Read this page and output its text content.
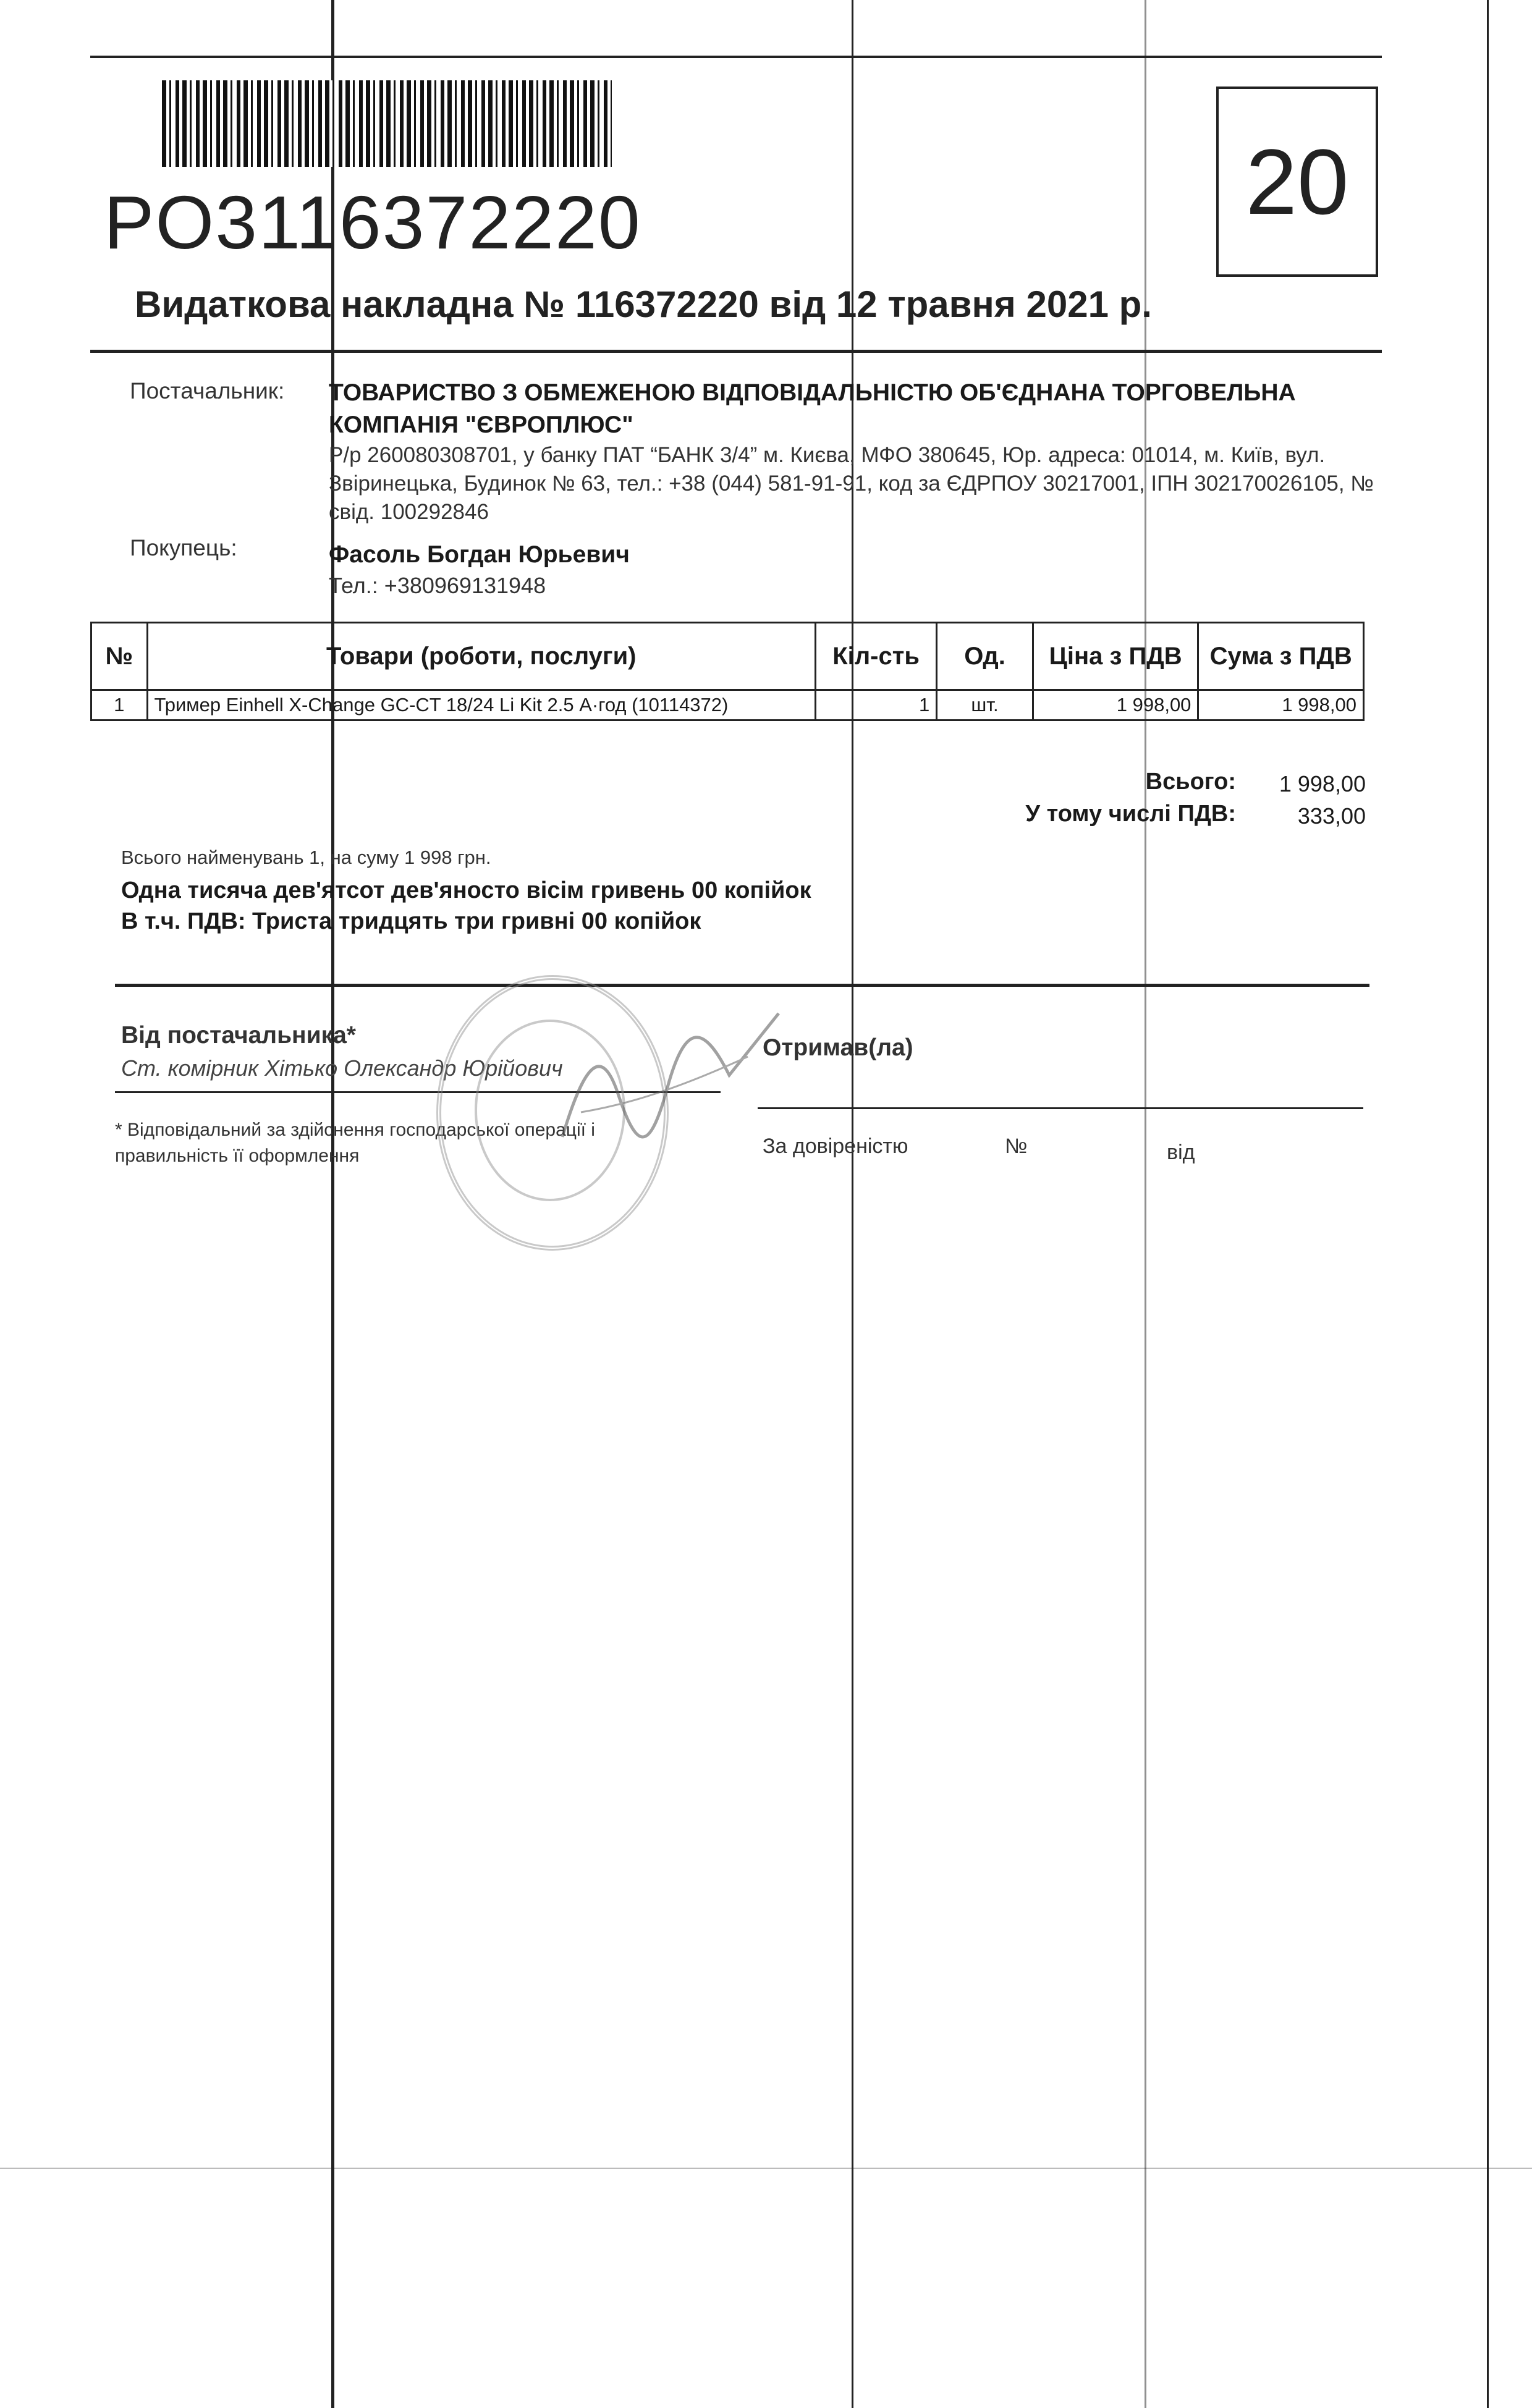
PO3116372220	20
Видаткова накладна № 116372220 від 12 травня 2021 р.
Постачальник: ТОВАРИСТВО З ОБМЕЖЕНОЮ ВІДПОВІДАЛЬНІСТЮ ОБ'ЄДНАНА ТОРГОВЕЛЬНА КОМПАНІЯ "ЄВРОПЛЮС"
Р/р 260080308701, у банку ПАТ “БАНК 3/4” м. Києва, МФО 380645, Юр. адреса: 01014, м. Київ, вул. Звіринецька, Будинок № 63, тел.: +38 (044) 581-91-91, код за ЄДРПОУ 30217001, ІПН 302170026105, № свід. 100292846
Покупець:	Фасоль Богдан Юрьевич
Тел.: +380969131948
№	Товари (роботи, послуги)	Кіл-сть	Од.	Ціна з ПДВ	Сума з ПДВ
1	Тример Einhell X-Change GC-CT 18/24 Li Kit 2.5 А·год (10114372)	1	шт.	1 998,00	1 998,00
Всього:	1 998,00
У тому числі ПДВ:	333,00
Всього найменувань 1, на суму 1 998 грн.
Одна тисяча дев'ятсот дев'яносто вісім гривень 00 копійок
В т.ч. ПДВ: Триста тридцять три гривні 00 копійок
Від постачальника*
Ст. комірник Хітько Олександр Юрійович
* Відповідальний за здійснення господарської операції і правильність її оформлення
Отримав(ла)
За довіреністю	№	від
